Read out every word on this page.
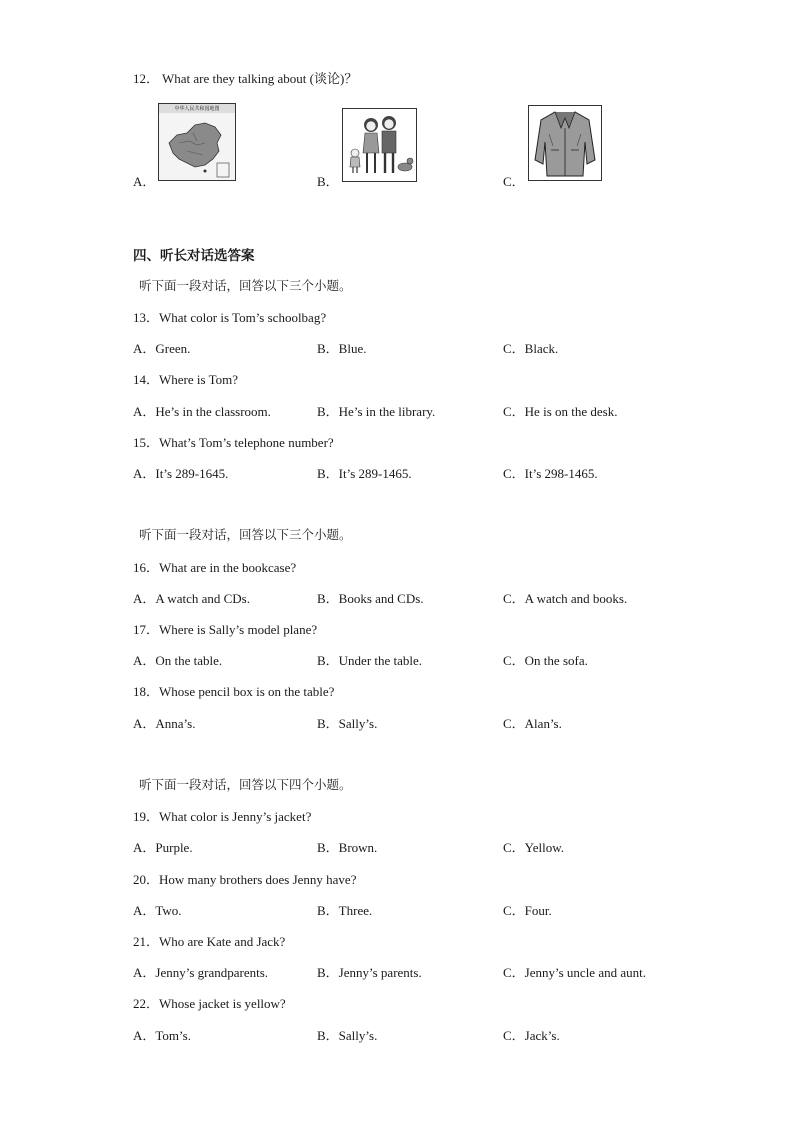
12． What are they talking about (谈论)？
A．
中华人民共和国地图
B．	C．
四、听长对话选答案
听下面一段对话，回答以下三个小题。
13．What color is Tom’s schoolbag?
A．Green.	B．Blue.	C．Black.
14．Where is Tom?
A．He’s in the classroom.	B．He’s in the library.	C．He is on the desk.
15．What’s Tom’s telephone number?
A．It’s 289-1645.	B．It’s 289-1465.	C．It’s 298-1465.
听下面一段对话，回答以下三个小题。
16．What are in the bookcase?
A．A watch and CDs.	B．Books and CDs.	C．A watch and books.
17．Where is Sally’s model plane?
A．On the table.	B．Under the table.	C．On the sofa.
18．Whose pencil box is on the table?
A．Anna’s.	B．Sally’s.	C．Alan’s.
听下面一段对话，回答以下四个小题。
19．What color is Jenny’s jacket?
A．Purple.	B．Brown.	C．Yellow.
20．How many brothers does Jenny have?
A．Two.	B．Three.	C．Four.
21．Who are Kate and Jack?
A．Jenny’s grandparents.	B．Jenny’s parents.	C．Jenny’s uncle and aunt.
22．Whose jacket is yellow?
A．Tom’s.	B．Sally’s.	C．Jack’s.
